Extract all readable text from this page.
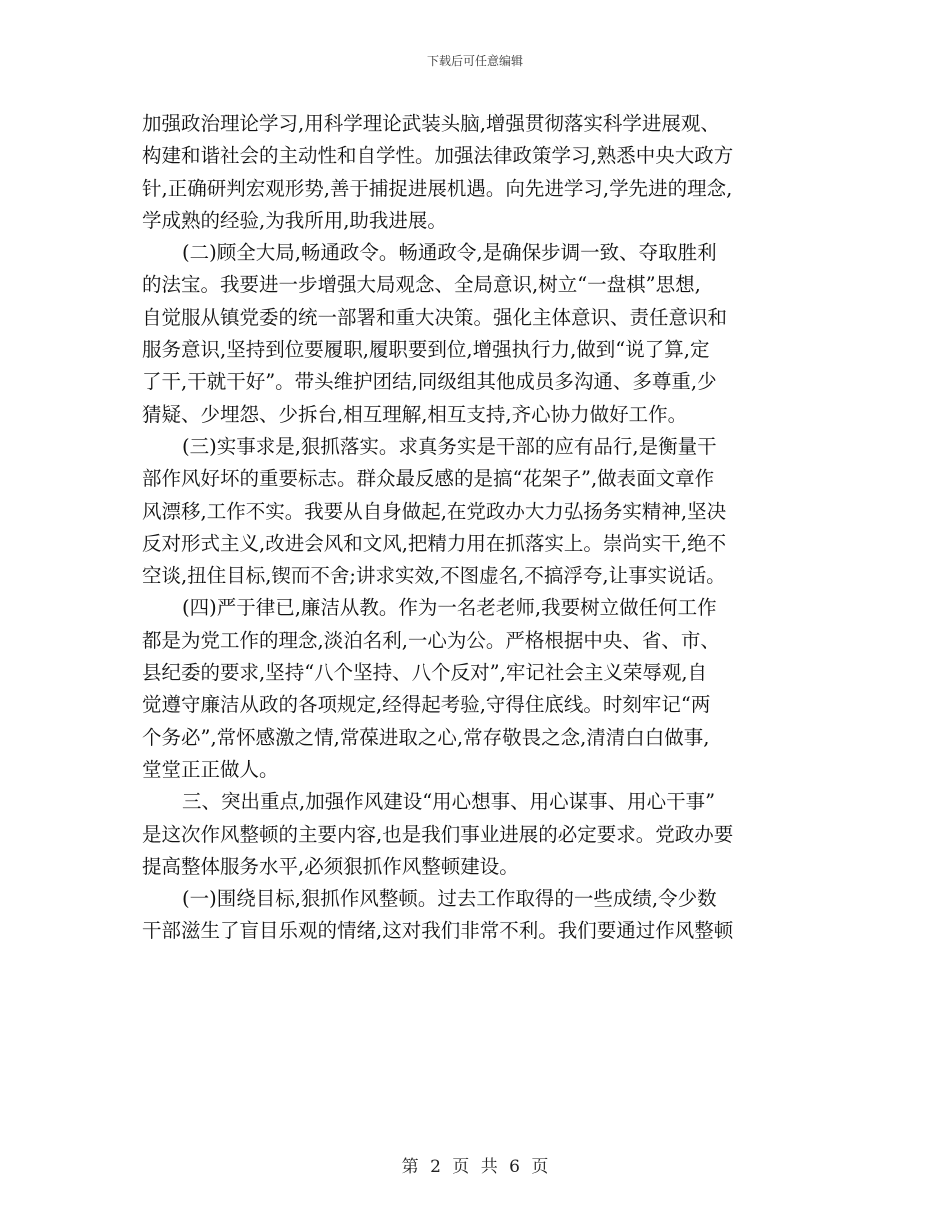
下载后可任意编辑
加强政治理论学习,用科学理论武装头脑,增强贯彻落实科学进展观、
构建和谐社会的主动性和自学性。加强法律政策学习,熟悉中央大政方
针,正确研判宏观形势,善于捕捉进展机遇。向先进学习,学先进的理念,
学成熟的经验,为我所用,助我进展。
(二)顾全大局,畅通政令。畅通政令,是确保步调一致、夺取胜利
的法宝。我要进一步增强大局观念、全局意识,树立“一盘棋”思想,
自觉服从镇党委的统一部署和重大决策。强化主体意识、责任意识和
服务意识,坚持到位要履职,履职要到位,增强执行力,做到“说了算,定
了干,干就干好”。带头维护团结,同级组其他成员多沟通、多尊重,少
猜疑、少埋怨、少拆台,相互理解,相互支持,齐心协力做好工作。
(三)实事求是,狠抓落实。求真务实是干部的应有品行,是衡量干
部作风好坏的重要标志。群众最反感的是搞“花架子”,做表面文章作
风漂移,工作不实。我要从自身做起,在党政办大力弘扬务实精神,坚决
反对形式主义,改进会风和文风,把精力用在抓落实上。崇尚实干,绝不
空谈,扭住目标,锲而不舍;讲求实效,不图虚名,不搞浮夸,让事实说话。
(四)严于律已,廉洁从教。作为一名老老师,我要树立做任何工作
都是为党工作的理念,淡泊名利,一心为公。严格根据中央、省、市、
县纪委的要求,坚持“八个坚持、八个反对”,牢记社会主义荣辱观,自
觉遵守廉洁从政的各项规定,经得起考验,守得住底线。时刻牢记“两
个务必”,常怀感激之情,常葆进取之心,常存敬畏之念,清清白白做事,
堂堂正正做人。
三、突出重点,加强作风建设“用心想事、用心谋事、用心干事”
是这次作风整顿的主要内容,也是我们事业进展的必定要求。党政办要
提高整体服务水平,必须狠抓作风整顿建设。
(一)围绕目标,狠抓作风整顿。过去工作取得的一些成绩,令少数
干部滋生了盲目乐观的情绪,这对我们非常不利。我们要通过作风整顿
第 2 页 共 6 页
